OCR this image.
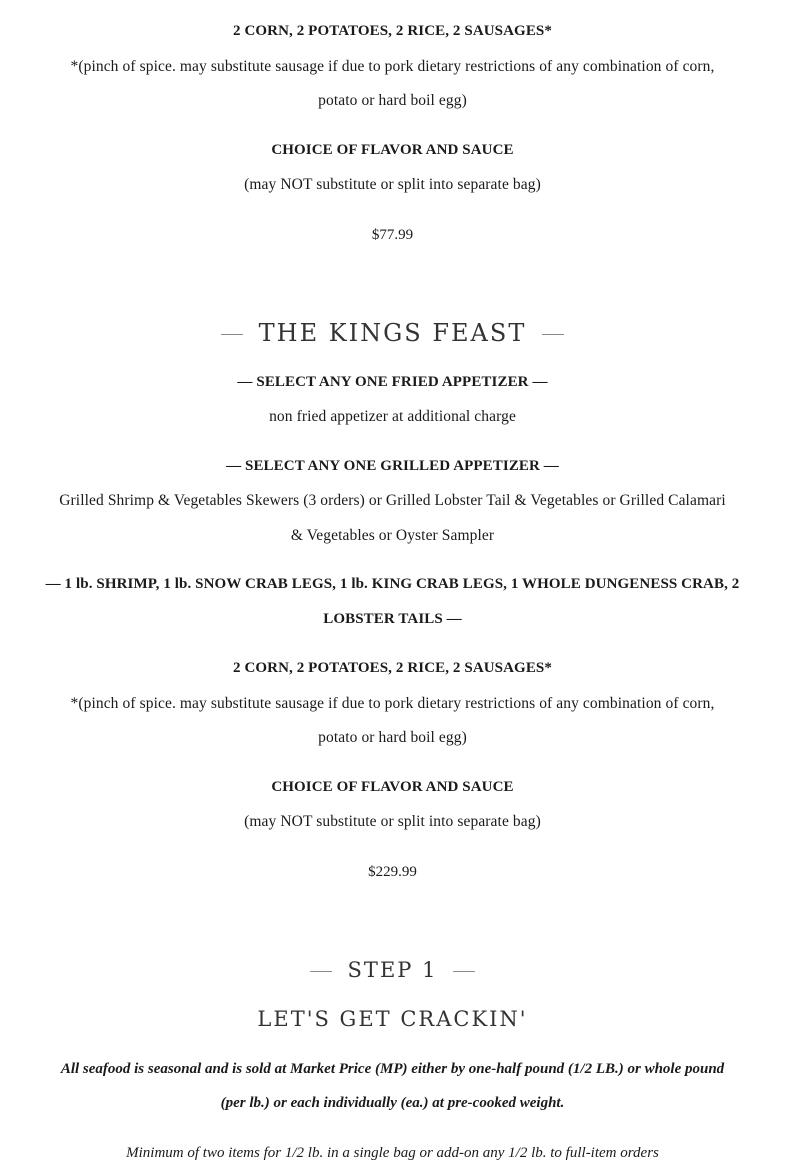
2 CORN, 2 POTATOES, 2 RICE, 2 SAUSAGES*
*(pinch of spice. may substitute sausage if due to pork dietary restrictions of any combination of corn,
potato or hard boil egg)
CHOICE OF FLAVOR AND SAUCE
(may NOT substitute or split into separate bag)
$77.99
THE KINGS FEAST
— SELECT ANY ONE FRIED APPETIZER —
non fried appetizer at additional charge
— SELECT ANY ONE GRILLED APPETIZER —
Grilled Shrimp & Vegetables Skewers (3 orders) or Grilled Lobster Tail & Vegetables or Grilled Calamari
& Vegetables or Oyster Sampler
— 1 lb. SHRIMP, 1 lb. SNOW CRAB LEGS, 1 lb. KING CRAB LEGS, 1 WHOLE DUNGENESS CRAB, 2
LOBSTER TAILS —
2 CORN, 2 POTATOES, 2 RICE, 2 SAUSAGES*
*(pinch of spice. may substitute sausage if due to pork dietary restrictions of any combination of corn,
potato or hard boil egg)
CHOICE OF FLAVOR AND SAUCE
(may NOT substitute or split into separate bag)
$229.99
STEP 1
LET'S GET CRACKIN'
All seafood is seasonal and is sold at Market Price (MP) either by one-half pound (1/2 LB.) or whole pound
(per lb.) or each individually (ea.) at pre-cooked weight.
Minimum of two items for 1/2 lb. in a single bag or add-on any 1/2 lb. to full-item orders
